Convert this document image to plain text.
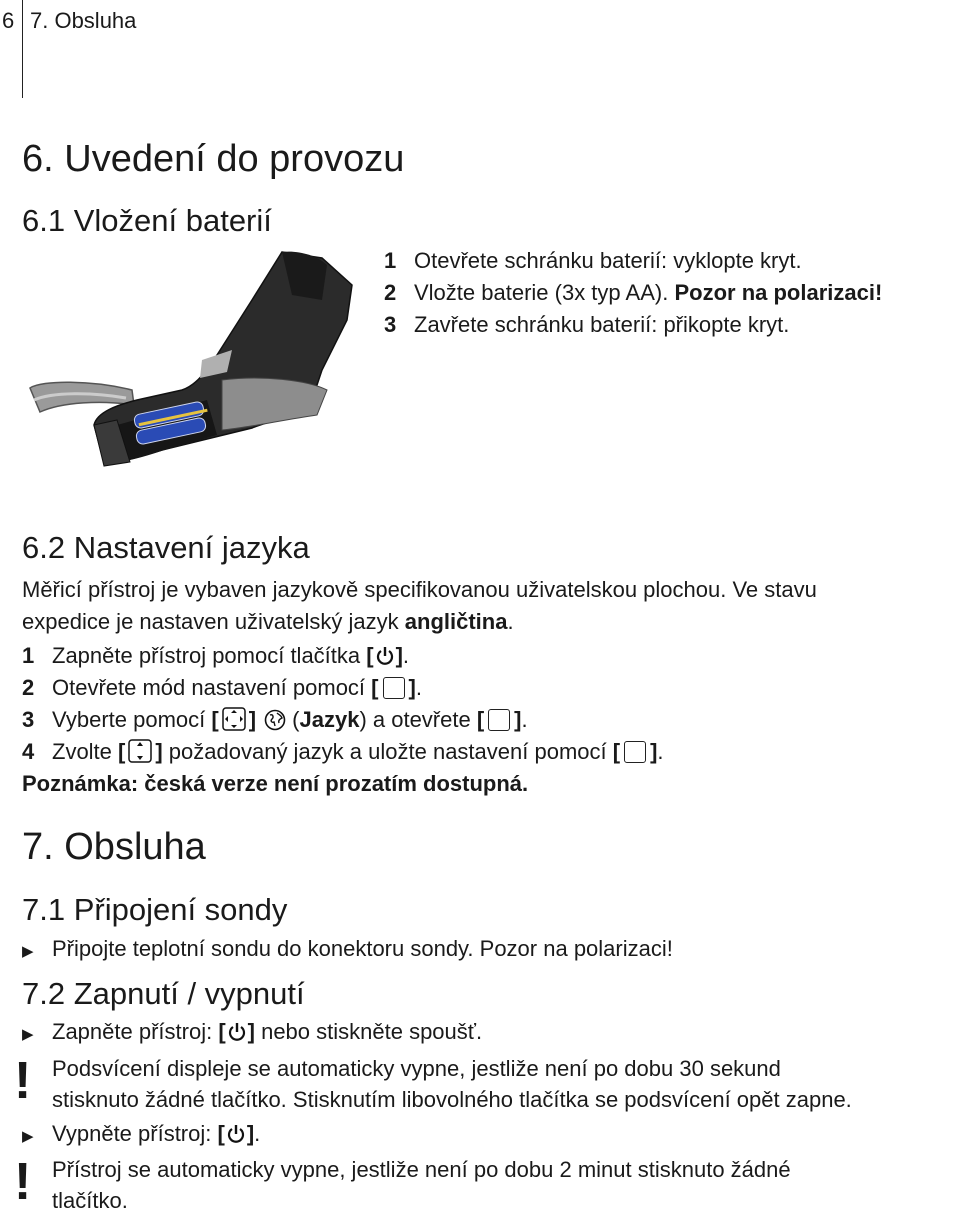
6 7. Obsluha
6. Uvedení do provozu
6.1 Vložení baterií
1 Otevřete schránku baterií: vyklopte kryt.
2 Vložte baterie (3x typ AA). Pozor na polarizaci!
3 Zavřete schránku baterií: přikopte kryt.
6.2 Nastavení jazyka
Měřicí přístroj je vybaven jazykově specifikovanou uživatelskou plochou. Ve stavu
expedice je nastaven uživatelský jazyk angličtina.
1 Zapněte přístroj pomocí tlačítka [ ].
2 Otevřete mód nastavení pomocí [ ].
3 Vyberte pomocí [ ]
(Jazyk) a otevřete [ ].
4 Zvolte [ ] požadovaný jazyk a uložte nastavení pomocí [ ].
Poznámka: česká verze není prozatím dostupná.
7. Obsluha
7.1 Připojení sondy
▶ Připojte teplotní sondu do konektoru sondy. Pozor na polarizaci!
7.2 Zapnutí / vypnutí
▶ Zapněte přístroj: [ ] nebo stiskněte spoušť.
! Podsvícení displeje se automaticky vypne, jestliže není po dobu 30 sekund
stisknuto žádné tlačítko. Stisknutím libovolného tlačítka se podsvícení opět zapne.
▶ Vypněte přístroj: [ ].
! Přístroj se automaticky vypne, jestliže není po dobu 2 minut stisknuto žádné
tlačítko.
